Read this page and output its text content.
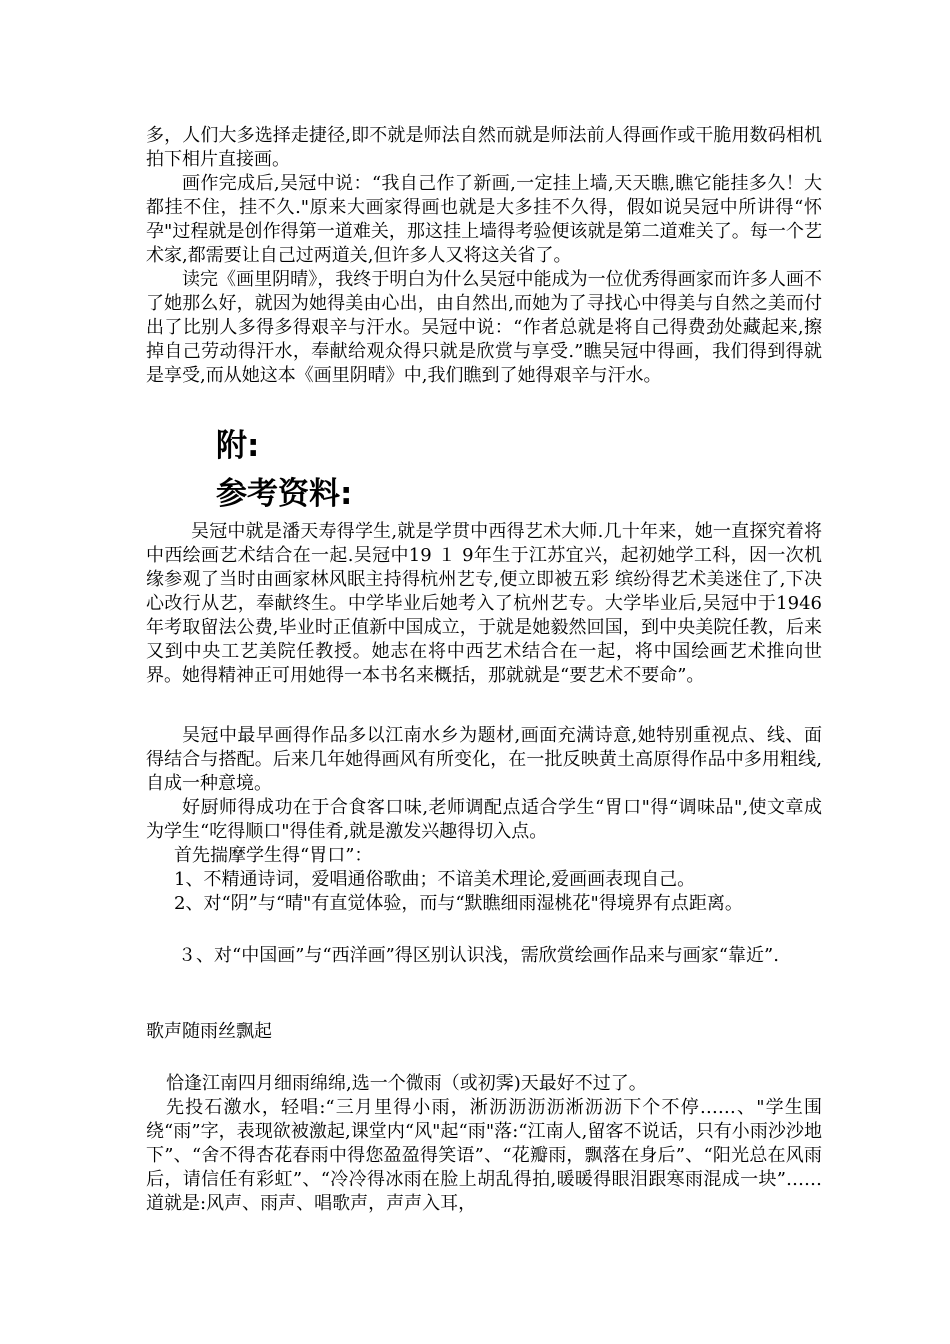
多，人们大多选择走捷径,即不就是师法自然而就是师法前人得画作或干脆用数码相机拍下相片直接画。

画作完成后,吴冠中说：“我自己作了新画,一定挂上墙,天天瞧,瞧它能挂多久！大都挂不住，挂不久."原来大画家得画也就是大多挂不久得，假如说吴冠中所讲得“怀孕"过程就是创作得第一道难关，那这挂上墙得考验便该就是第二道难关了。每一个艺术家,都需要让自己过两道关,但许多人又将这关省了。

读完《画里阴晴》，我终于明白为什么吴冠中能成为一位优秀得画家而许多人画不了她那么好，就因为她得美由心出，由自然出,而她为了寻找心中得美与自然之美而付出了比别人多得多得艰辛与汗水。吴冠中说：“作者总就是将自己得费劲处藏起来,擦掉自己劳动得汗水，奉献给观众得只就是欣赏与享受.”瞧吴冠中得画，我们得到得就是享受,而从她这本《画里阴晴》中,我们瞧到了她得艰辛与汗水。

附:
参考资料:

吴冠中就是潘天寿得学生,就是学贯中西得艺术大师.几十年来，她一直探究着将中西绘画艺术结合在一起.吴冠中19 １ 9年生于江苏宜兴，起初她学工科，因一次机 缘参观了当时由画家林风眠主持得杭州艺专,便立即被五彩 缤纷得艺术美迷住了,下决心改行从艺，奉献终生。中学毕业后她考入了杭州艺专。大学毕业后,吴冠中于1946年考取留法公费,毕业时正值新中国成立，于就是她毅然回国，到中央美院任教，后来又到中央工艺美院任教授。她志在将中西艺术结合在一起，将中国绘画艺术推向世界。她得精神正可用她得一本书名来概括，那就就是“要艺术不要命”。

吴冠中最早画得作品多以江南水乡为题材,画面充满诗意,她特别重视点、线、面得结合与搭配。后来几年她得画风有所变化，在一批反映黄土高原得作品中多用粗线,自成一种意境。

好厨师得成功在于合食客口味,老师调配点适合学生“胃口"得“调味品",使文章成为学生“吃得顺口"得佳肴,就是激发兴趣得切入点。

首先揣摩学生得“胃口”：

1、不精通诗词，爱唱通俗歌曲；不谙美术理论,爱画画表现自己。

2、对“阴”与“晴"有直觉体验，而与“默瞧细雨湿桃花"得境界有点距离。

３、对“中国画”与“西洋画”得区别认识浅，需欣赏绘画作品来与画家“靠近”.

歌声随雨丝飘起

恰逢江南四月细雨绵绵,选一个微雨（或初霁)天最好不过了。

先投石激水，轻唱:“三月里得小雨，淅沥沥沥沥淅沥沥下个不停……、"学生围绕“雨”字，表现欲被激起,课堂内“风"起“雨"落:“江南人,留客不说话，只有小雨沙沙地下”、“舍不得杏花春雨中得您盈盈得笑语”、“花瓣雨，飘落在身后”、“阳光总在风雨后，请信任有彩虹”、“冷冷得冰雨在脸上胡乱得拍,暖暖得眼泪跟寒雨混成一块”……道就是:风声、雨声、唱歌声，声声入耳，
